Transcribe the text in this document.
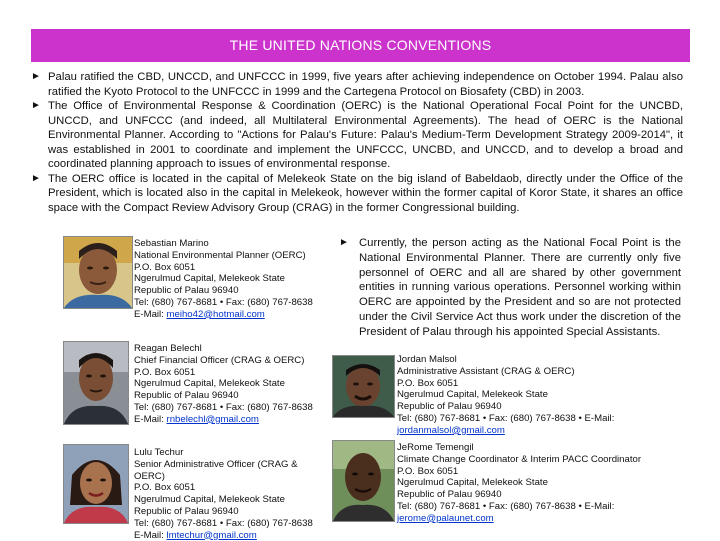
THE UNITED NATIONS CONVENTIONS
► Palau ratified the CBD, UNCCD, and UNFCCC in 1999, five years after achieving independence on October 1994. Palau also ratified the Kyoto Protocol to the UNFCCC in 1999 and the Cartegena Protocol on Biosafety (CBD) in 2003.
► The Office of Environmental Response & Coordination (OERC) is the National Operational Focal Point for the UNCBD, UNCCD, and UNFCCC (and indeed, all Multilateral Environmental Agreements). The head of OERC is the National Environmental Planner. According to "Actions for Palau's Future: Palau's Medium-Term Development Strategy 2009-2014", it was established in 2001 to coordinate and implement the UNFCCC, UNCBD, and UNCCD, and to develop a broad and coordinated planning approach to issues of environmental response.
► The OERC office is located in the capital of Melekeok State on the big island of Babeldaob, directly under the Office of the President, which is located also in the capital in Melekeok, however within the former capital of Koror State, it shares an office space with the Compact Review Advisory Group (CRAG) in the former Congressional building.
Sebastian Marino
National Environmental Planner (OERC)
P.O. Box 6051
Ngerulmud Capital, Melekeok State
Republic of Palau 96940
Tel: (680) 767-8681 • Fax: (680) 767-8638
E-Mail: meiho42@hotmail.com
► Currently, the person acting as the National Focal Point is the National Environmental Planner. There are currently only five personnel of OERC and all are shared by other government entities in running various operations. Personnel working within OERC are appointed by the President and so are not protected under the Civil Service Act thus work under the discretion of the President of Palau through his appointed Special Assistants.
Reagan Belechl
Chief Financial Officer (CRAG & OERC)
P.O. Box 6051
Ngerulmud Capital, Melekeok State
Republic of Palau 96940
Tel: (680) 767-8681 • Fax: (680) 767-8638
E-Mail: rnbelechl@gmail.com
Jordan Malsol
Administrative Assistant (CRAG & OERC)
P.O. Box 6051
Ngerulmud Capital, Melekeok State
Republic of Palau 96940
Tel: (680) 767-8681 • Fax: (680) 767-8638 • E-Mail:
jordanmalsol@gmail.com
Lulu Techur
Senior Administrative Officer (CRAG & OERC)
P.O. Box 6051
Ngerulmud Capital, Melekeok State
Republic of Palau 96940
Tel: (680) 767-8681 • Fax: (680) 767-8638
E-Mail: lmtechur@gmail.com
JeRome Temengil
Climate Change Coordinator & Interim PACC Coordinator
P.O. Box 6051
Ngerulmud Capital, Melekeok State
Republic of Palau 96940
Tel: (680) 767-8681 • Fax: (680) 767-8638 • E-Mail:
jerome@palaunet.com
